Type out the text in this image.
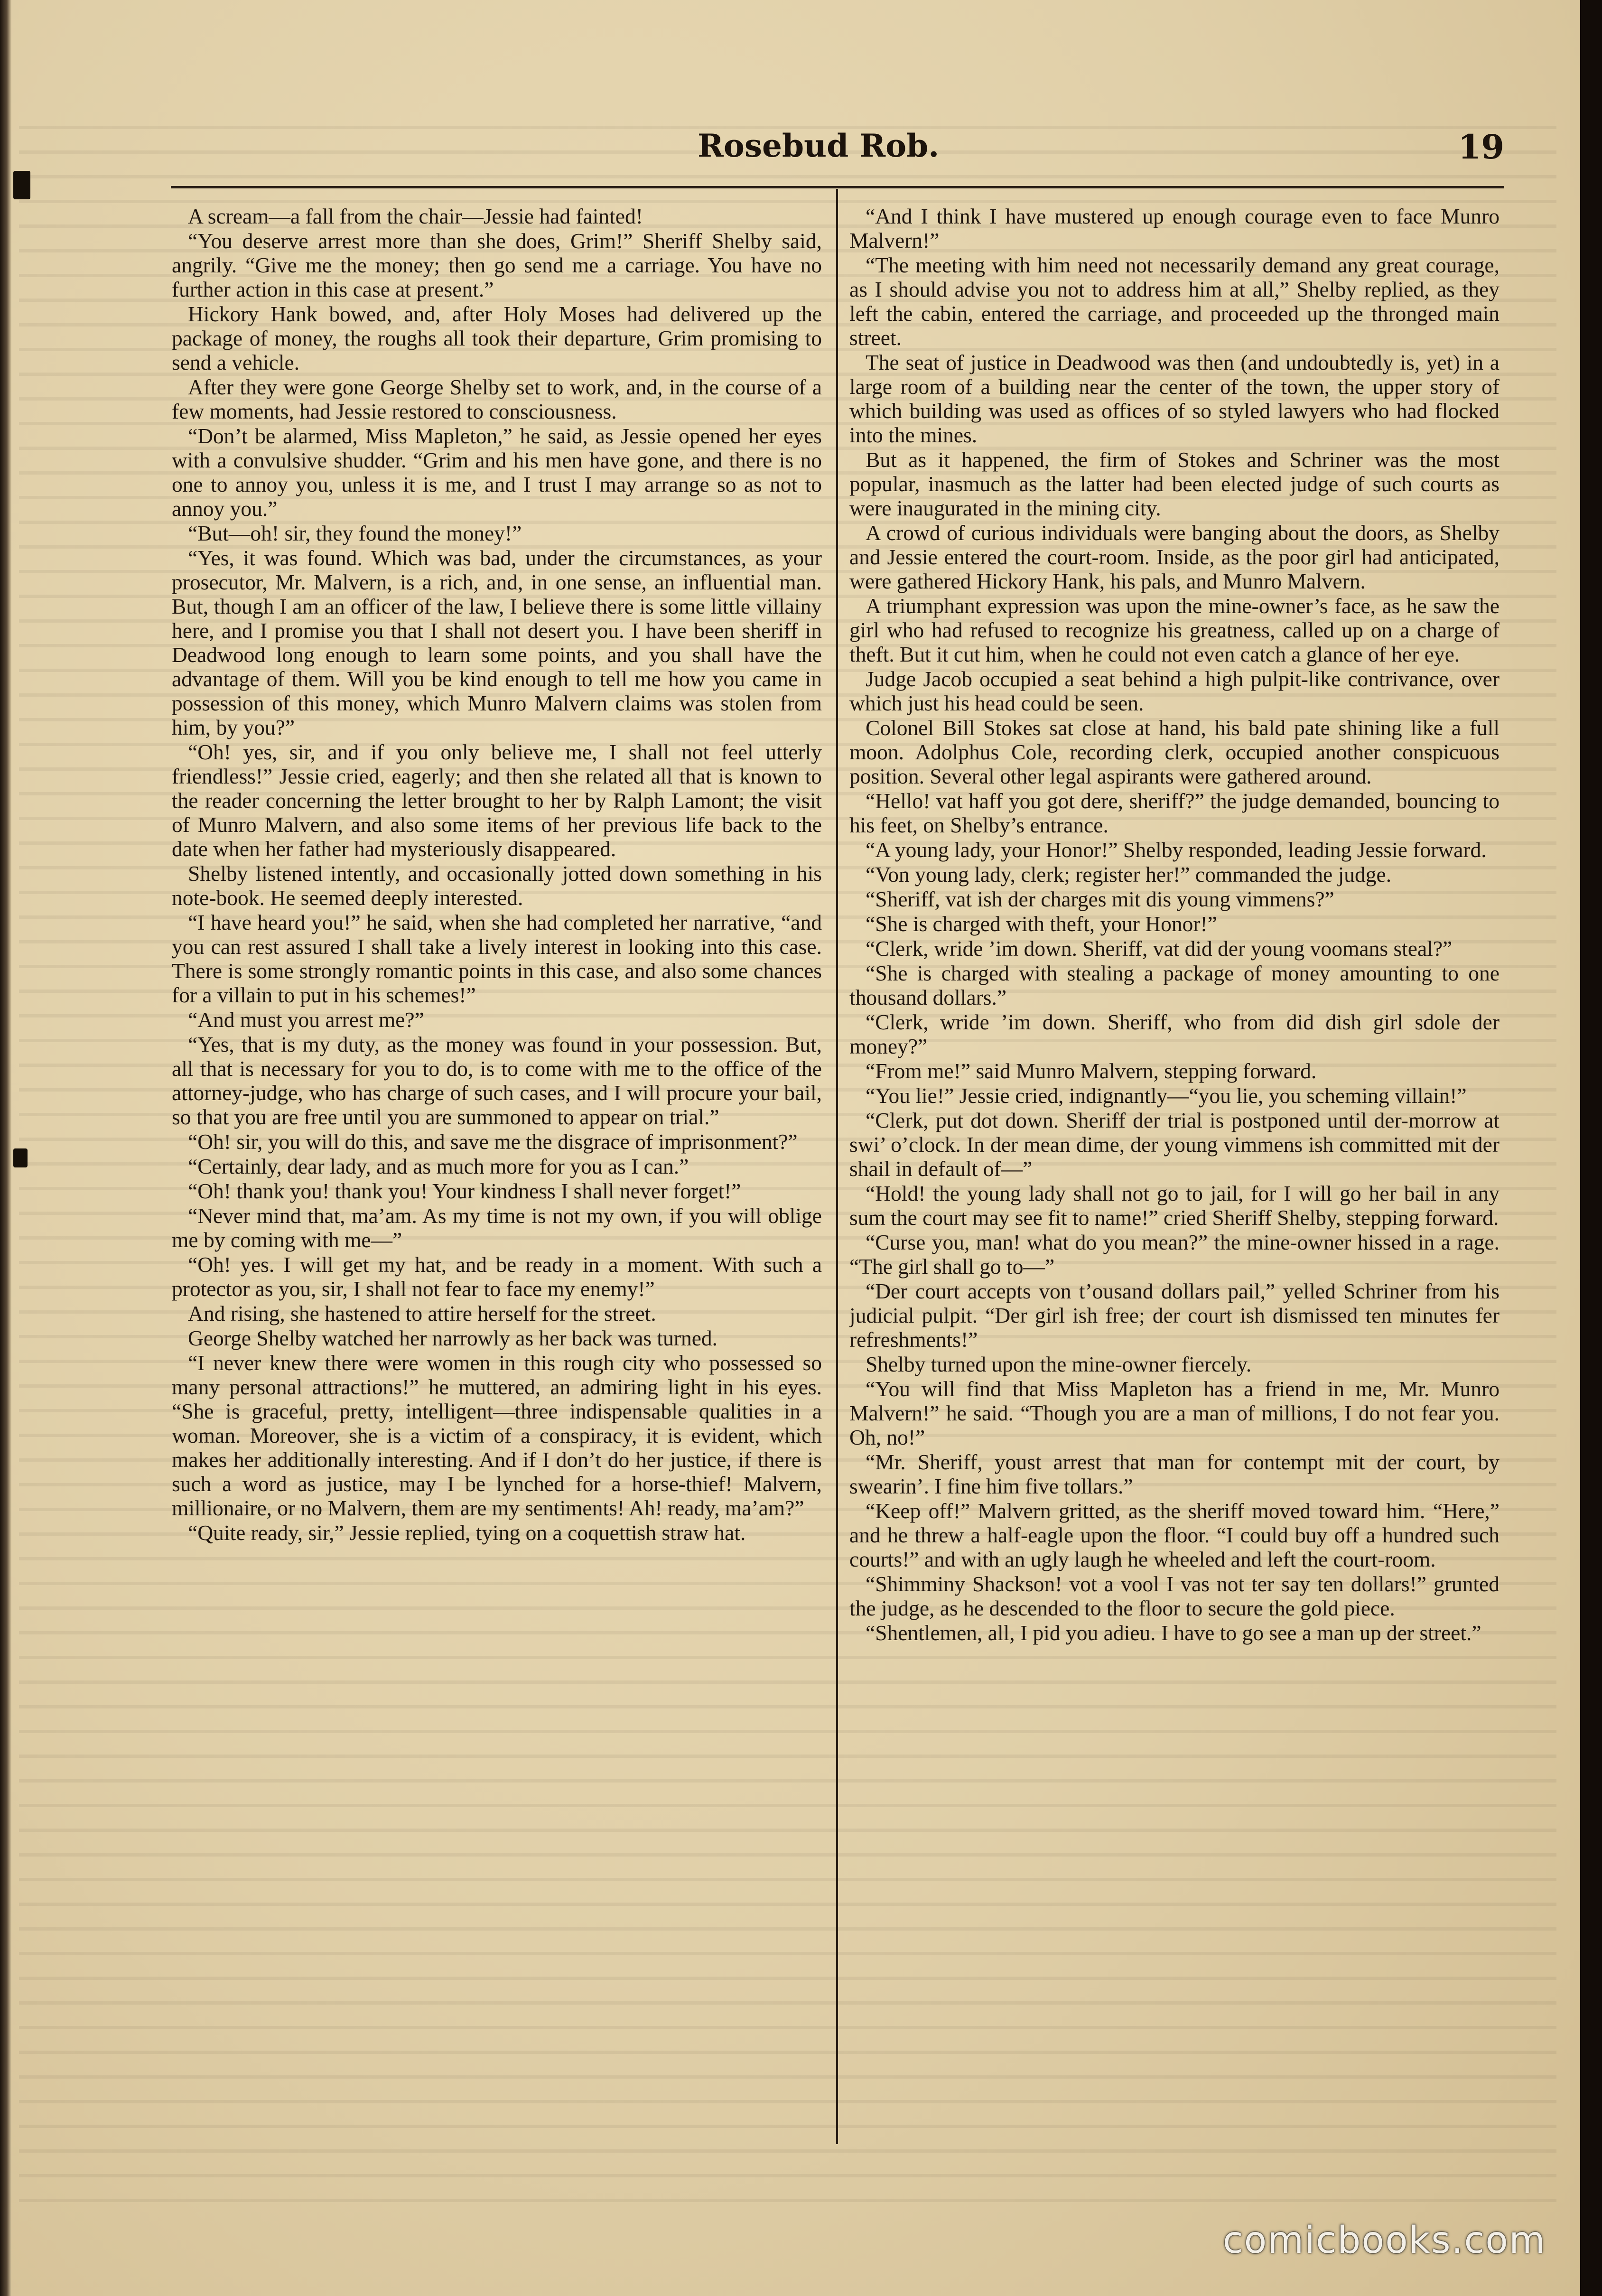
Rosebud Rob.	19

A scream—a fall from the chair—Jessie had fainted!

“You deserve arrest more than she does, Grim!” Sheriff Shelby said, angrily. “Give me the money; then go send me a carriage. You have no further action in this case at present.”

Hickory Hank bowed, and, after Holy Moses had delivered up the package of money, the roughs all took their departure, Grim promising to send a vehicle.

After they were gone George Shelby set to work, and, in the course of a few moments, had Jessie restored to consciousness.

“Don’t be alarmed, Miss Mapleton,” he said, as Jessie opened her eyes with a convulsive shudder. “Grim and his men have gone, and there is no one to annoy you, unless it is me, and I trust I may arrange so as not to annoy you.”

“But—oh! sir, they found the money!”

“Yes, it was found. Which was bad, under the circumstances, as your prosecutor, Mr. Malvern, is a rich, and, in one sense, an influential man. But, though I am an officer of the law, I believe there is some little villainy here, and I promise you that I shall not desert you. I have been sheriff in Deadwood long enough to learn some points, and you shall have the advantage of them. Will you be kind enough to tell me how you came in possession of this money, which Munro Malvern claims was stolen from him, by you?”

“Oh! yes, sir, and if you only believe me, I shall not feel utterly friendless!” Jessie cried, eagerly; and then she related all that is known to the reader concerning the letter brought to her by Ralph Lamont; the visit of Munro Malvern, and also some items of her previous life back to the date when her father had mysteriously disappeared.

Shelby listened intently, and occasionally jotted down something in his note-book. He seemed deeply interested.

“I have heard you!” he said, when she had completed her narrative, “and you can rest assured I shall take a lively interest in looking into this case. There is some strongly romantic points in this case, and also some chances for a villain to put in his schemes!”

“And must you arrest me?”

“Yes, that is my duty, as the money was found in your possession. But, all that is necessary for you to do, is to come with me to the office of the attorney-judge, who has charge of such cases, and I will procure your bail, so that you are free until you are summoned to appear on trial.”

“Oh! sir, you will do this, and save me the disgrace of imprisonment?”

“Certainly, dear lady, and as much more for you as I can.”

“Oh! thank you! thank you! Your kindness I shall never forget!”

“Never mind that, ma’am. As my time is not my own, if you will oblige me by coming with me—”

“Oh! yes. I will get my hat, and be ready in a moment. With such a protector as you, sir, I shall not fear to face my enemy!”

And rising, she hastened to attire herself for the street.

George Shelby watched her narrowly as her back was turned.

“I never knew there were women in this rough city who possessed so many personal attractions!” he muttered, an admiring light in his eyes. “She is graceful, pretty, intelligent—three indispensable qualities in a woman. Moreover, she is a victim of a conspiracy, it is evident, which makes her additionally interesting. And if I don’t do her justice, if there is such a word as justice, may I be lynched for a horse-thief! Malvern, millionaire, or no Malvern, them are my sentiments! Ah! ready, ma’am?”

“Quite ready, sir,” Jessie replied, tying on a coquettish straw hat.

“And I think I have mustered up enough courage even to face Munro Malvern!”

“The meeting with him need not necessarily demand any great courage, as I should advise you not to address him at all,” Shelby replied, as they left the cabin, entered the carriage, and proceeded up the thronged main street.

The seat of justice in Deadwood was then (and undoubtedly is, yet) in a large room of a building near the center of the town, the upper story of which building was used as offices of so styled lawyers who had flocked into the mines.

But as it happened, the firm of Stokes and Schriner was the most popular, inasmuch as the latter had been elected judge of such courts as were inaugurated in the mining city.

A crowd of curious individuals were banging about the doors, as Shelby and Jessie entered the court-room. Inside, as the poor girl had anticipated, were gathered Hickory Hank, his pals, and Munro Malvern.

A triumphant expression was upon the mine-owner’s face, as he saw the girl who had refused to recognize his greatness, called up on a charge of theft. But it cut him, when he could not even catch a glance of her eye.

Judge Jacob occupied a seat behind a high pulpit-like contrivance, over which just his head could be seen.

Colonel Bill Stokes sat close at hand, his bald pate shining like a full moon. Adolphus Cole, recording clerk, occupied another conspicuous position. Several other legal aspirants were gathered around.

“Hello! vat haff you got dere, sheriff?” the judge demanded, bouncing to his feet, on Shelby’s entrance.

“A young lady, your Honor!” Shelby responded, leading Jessie forward.

“Von young lady, clerk; register her!” commanded the judge.

“Sheriff, vat ish der charges mit dis young vimmens?”

“She is charged with theft, your Honor!”

“Clerk, wride ’im down. Sheriff, vat did der young voomans steal?”

“She is charged with stealing a package of money amounting to one thousand dollars.”

“Clerk, wride ’im down. Sheriff, who from did dish girl sdole der money?”

“From me!” said Munro Malvern, stepping forward.

“You lie!” Jessie cried, indignantly—“you lie, you scheming villain!”

“Clerk, put dot down. Sheriff der trial is postponed until der-morrow at swi’ o’clock. In der mean dime, der young vimmens ish committed mit der shail in default of—”

“Hold! the young lady shall not go to jail, for I will go her bail in any sum the court may see fit to name!” cried Sheriff Shelby, stepping forward.

“Curse you, man! what do you mean?” the mine-owner hissed in a rage. “The girl shall go to—”

“Der court accepts von t’ousand dollars pail,” yelled Schriner from his judicial pulpit. “Der girl ish free; der court ish dismissed ten minutes fer refreshments!”

Shelby turned upon the mine-owner fiercely.

“You will find that Miss Mapleton has a friend in me, Mr. Munro Malvern!” he said. “Though you are a man of millions, I do not fear you. Oh, no!”

“Mr. Sheriff, youst arrest that man for contempt mit der court, by swearin’. I fine him five tollars.”

“Keep off!” Malvern gritted, as the sheriff moved toward him. “Here,” and he threw a half-eagle upon the floor. “I could buy off a hundred such courts!” and with an ugly laugh he wheeled and left the court-room.

“Shimminy Shackson! vot a vool I vas not ter say ten dollars!” grunted the judge, as he descended to the floor to secure the gold piece.

“Shentlemen, all, I pid you adieu. I have to go see a man up der street.”

comicbooks.com
